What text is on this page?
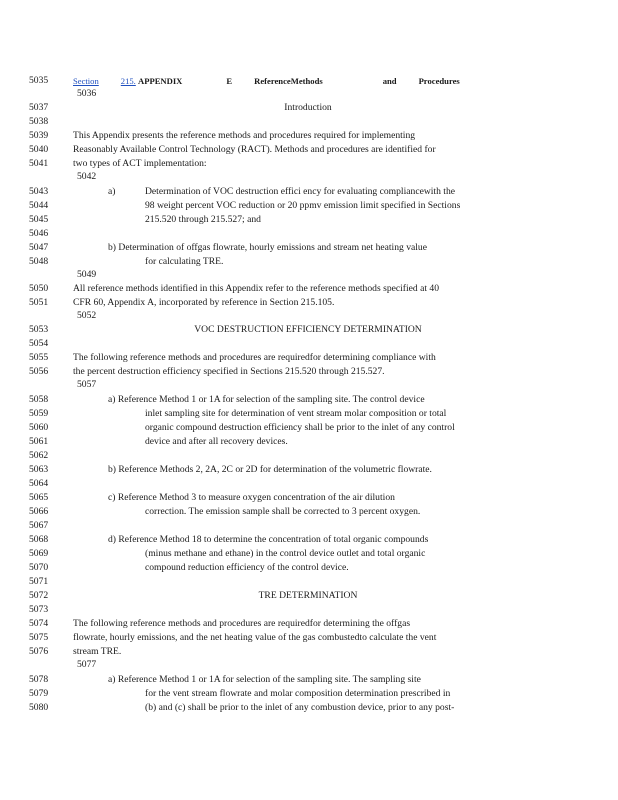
5035	Section	215. APPENDIX	E	ReferenceMethods	and	Procedures
5036
5037	Introduction
5038
5039	This Appendix presents the reference methods and procedures required for implementing
5040	Reasonably Available Control Technology (RACT). Methods and procedures are identified for
5041	two types of ACT implementation:
5042
5043	a)	Determination of VOC destruction effici ency for evaluating compliancewith the
5044	98 weight percent VOC reduction or 20 ppmv emission limit specified in Sections
5045	215.520 through 215.527; and
5046
5047	b) Determination of offgas flowrate, hourly emissions and stream net heating value
5048	for calculating TRE.
5049
5050	All reference methods identified in this Appendix refer to the reference methods specified at 40
5051	CFR 60, Appendix A, incorporated by reference in Section 215.105.
5052
5053	VOC DESTRUCTION EFFICIENCY DETERMINATION
5054
5055	The following reference methods and procedures are requiredfor determining compliance with
5056	the percent destruction efficiency specified in Sections 215.520 through 215.527.
5057
5058	a) Reference Method 1 or 1A for selection of the sampling site. The control device
5059	inlet sampling site for determination of vent stream molar composition or total
5060	organic compound destruction efficiency shall be prior to the inlet of any control
5061	device and after all recovery devices.
5062
5063	b) Reference Methods 2, 2A, 2C or 2D for determination of the volumetric flowrate.
5064
5065	c) Reference Method 3 to measure oxygen concentration of the air dilution
5066	correction. The emission sample shall be corrected to 3 percent oxygen.
5067
5068	d) Reference Method 18 to determine the concentration of total organic compounds
5069	(minus methane and ethane) in the control device outlet and total organic
5070	compound reduction efficiency of the control device.
5071
5072	TRE DETERMINATION
5073
5074	The following reference methods and procedures are requiredfor determining the offgas
5075	flowrate, hourly emissions, and the net heating value of the gas combustedto calculate the vent
5076	stream TRE.
5077
5078	a) Reference Method 1 or 1A for selection of the sampling site. The sampling site
5079	for the vent stream flowrate and molar composition determination prescribed in
5080	(b) and (c) shall be prior to the inlet of any combustion device, prior to any post-
